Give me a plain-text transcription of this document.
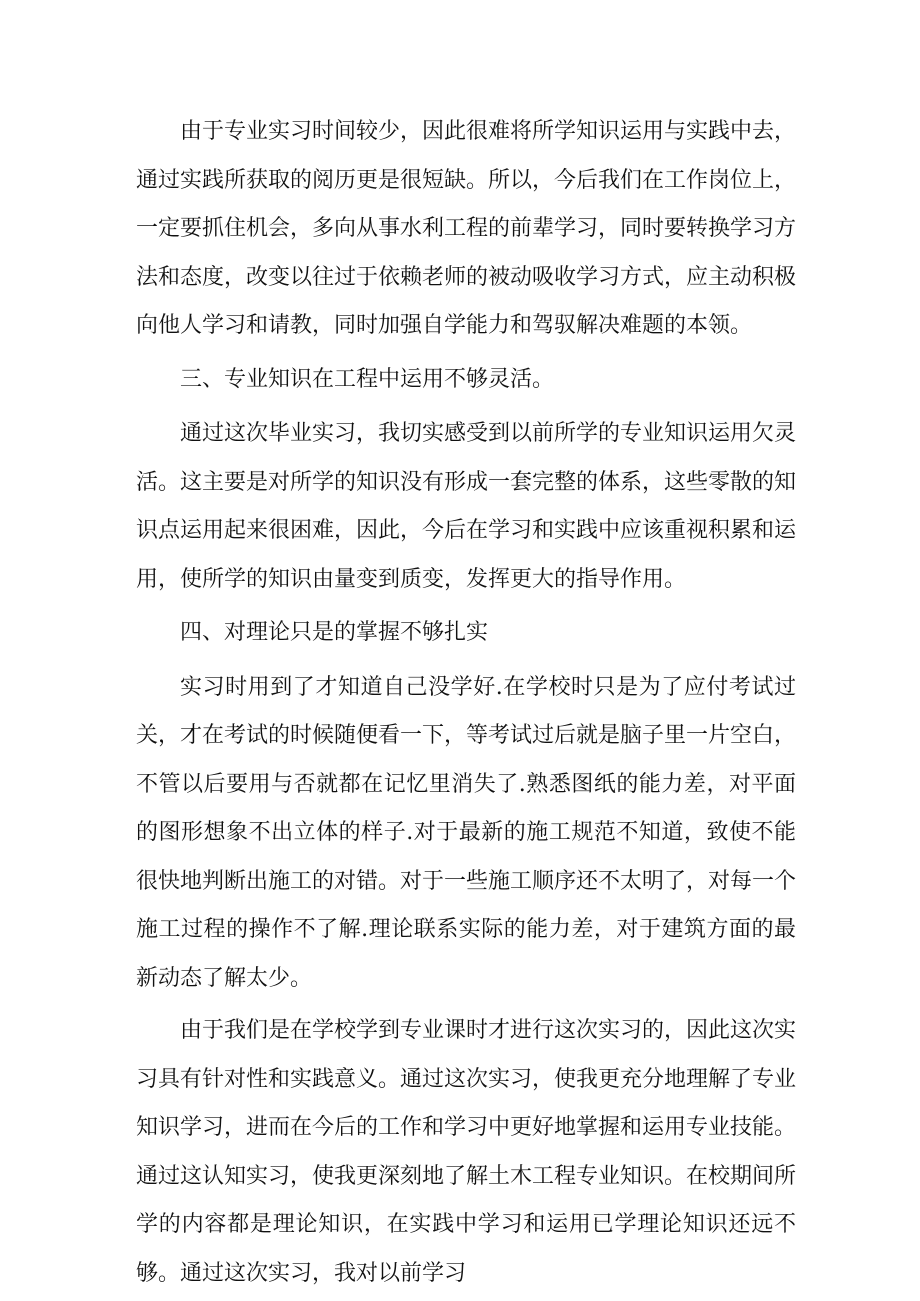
由于专业实习时间较少，因此很难将所学知识运用与实践中去，通过实践所获取的阅历更是很短缺。所以，今后我们在工作岗位上，一定要抓住机会，多向从事水利工程的前辈学习，同时要转换学习方法和态度，改变以往过于依赖老师的被动吸收学习方式，应主动积极向他人学习和请教，同时加强自学能力和驾驭解决难题的本领。

三、专业知识在工程中运用不够灵活。

通过这次毕业实习，我切实感受到以前所学的专业知识运用欠灵活。这主要是对所学的知识没有形成一套完整的体系，这些零散的知识点运用起来很困难，因此，今后在学习和实践中应该重视积累和运用，使所学的知识由量变到质变，发挥更大的指导作用。

四、对理论只是的掌握不够扎实

实习时用到了才知道自己没学好.在学校时只是为了应付考试过关，才在考试的时候随便看一下，等考试过后就是脑子里一片空白，不管以后要用与否就都在记忆里消失了.熟悉图纸的能力差，对平面的图形想象不出立体的样子.对于最新的施工规范不知道，致使不能很快地判断出施工的对错。对于一些施工顺序还不太明了，对每一个施工过程的操作不了解.理论联系实际的能力差，对于建筑方面的最新动态了解太少。

由于我们是在学校学到专业课时才进行这次实习的，因此这次实习具有针对性和实践意义。通过这次实习，使我更充分地理解了专业知识学习，进而在今后的工作和学习中更好地掌握和运用专业技能。通过这认知实习，使我更深刻地了解土木工程专业知识。在校期间所学的内容都是理论知识，在实践中学习和运用已学理论知识还远不够。通过这次实习，我对以前学习
